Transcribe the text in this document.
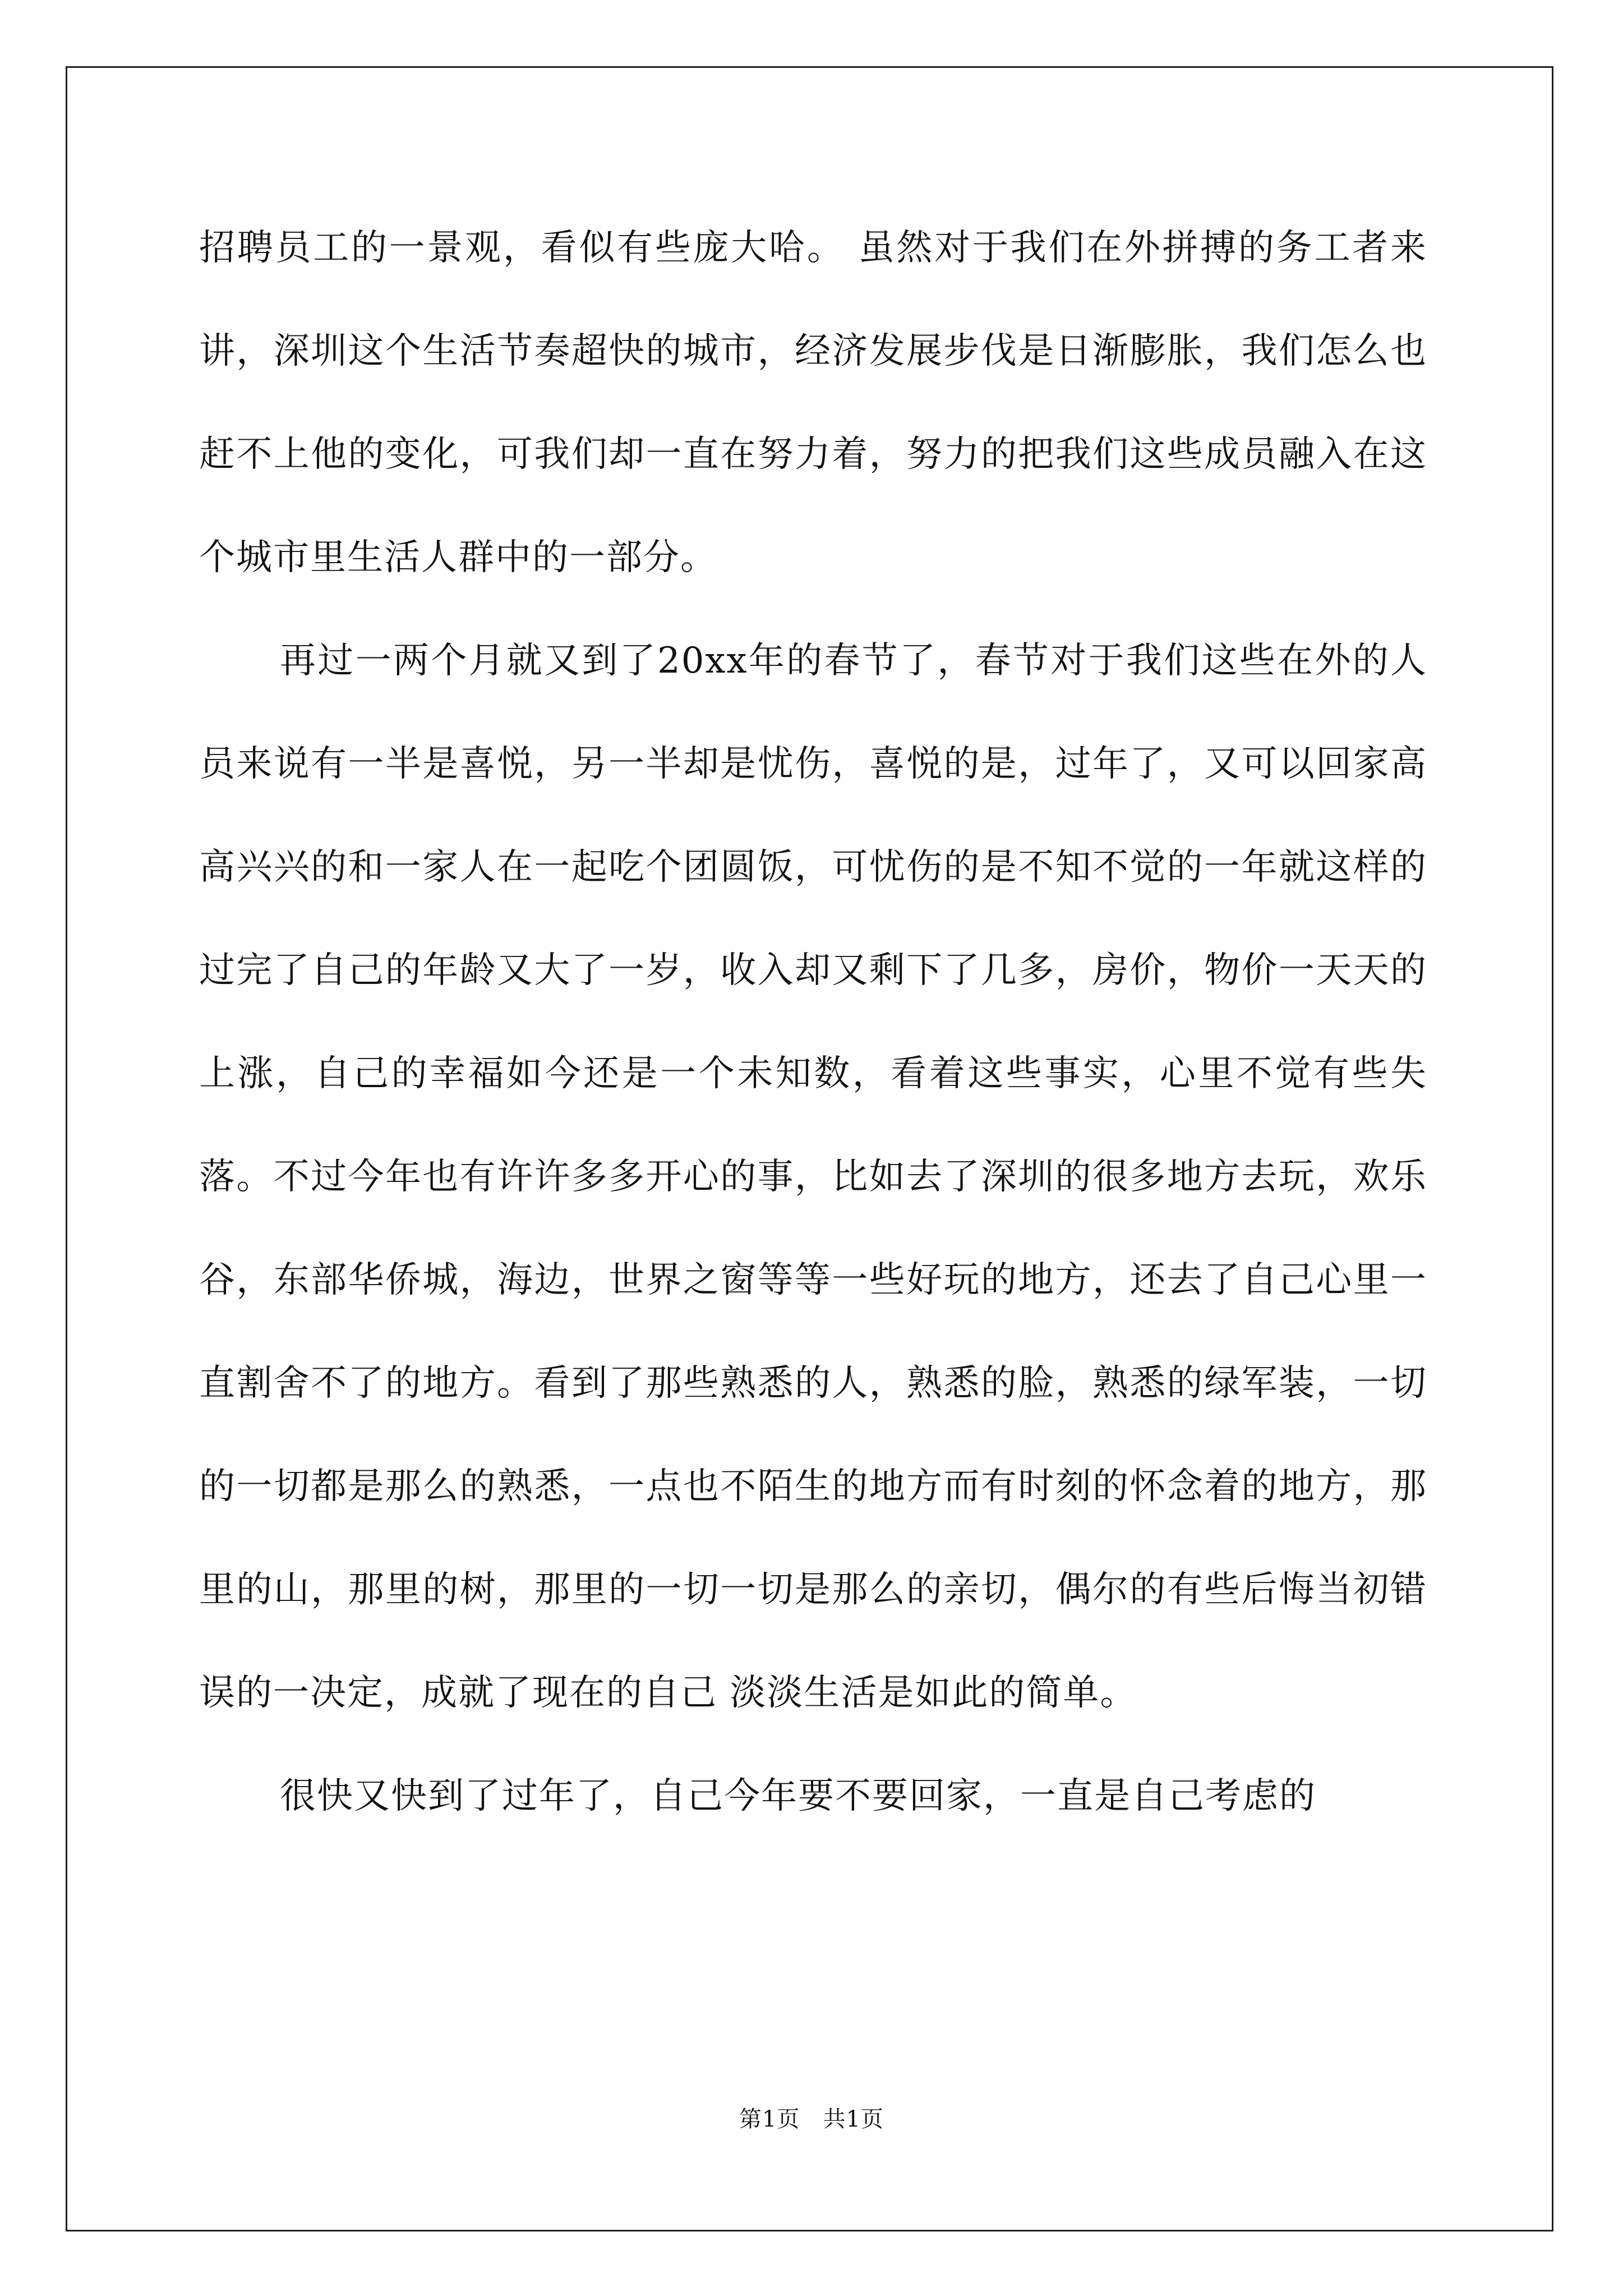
招聘员工的一景观，看似有些庞大哈。 虽然对于我们在外拼搏的务工者来讲，深圳这个生活节奏超快的城市，经济发展步伐是日渐膨胀，我们怎么也赶不上他的变化，可我们却一直在努力着，努力的把我们这些成员融入在这个城市里生活人群中的一部分。

再过一两个月就又到了20xx年的春节了，春节对于我们这些在外的人员来说有一半是喜悦，另一半却是忧伤，喜悦的是，过年了，又可以回家高高兴兴的和一家人在一起吃个团圆饭，可忧伤的是不知不觉的一年就这样的过完了自己的年龄又大了一岁，收入却又剩下了几多，房价，物价一天天的上涨，自己的幸福如今还是一个未知数，看着这些事实，心里不觉有些失落。不过今年也有许许多多开心的事，比如去了深圳的很多地方去玩，欢乐谷，东部华侨城，海边，世界之窗等等一些好玩的地方，还去了自己心里一直割舍不了的地方。看到了那些熟悉的人，熟悉的脸，熟悉的绿军装，一切的一切都是那么的熟悉，一点也不陌生的地方而有时刻的怀念着的地方，那里的山，那里的树，那里的一切一切是那么的亲切，偶尔的有些后悔当初错误的一决定，成就了现在的自己 淡淡生活是如此的简单。

很快又快到了过年了，自己今年要不要回家，一直是自己考虑的

第1页　共1页
